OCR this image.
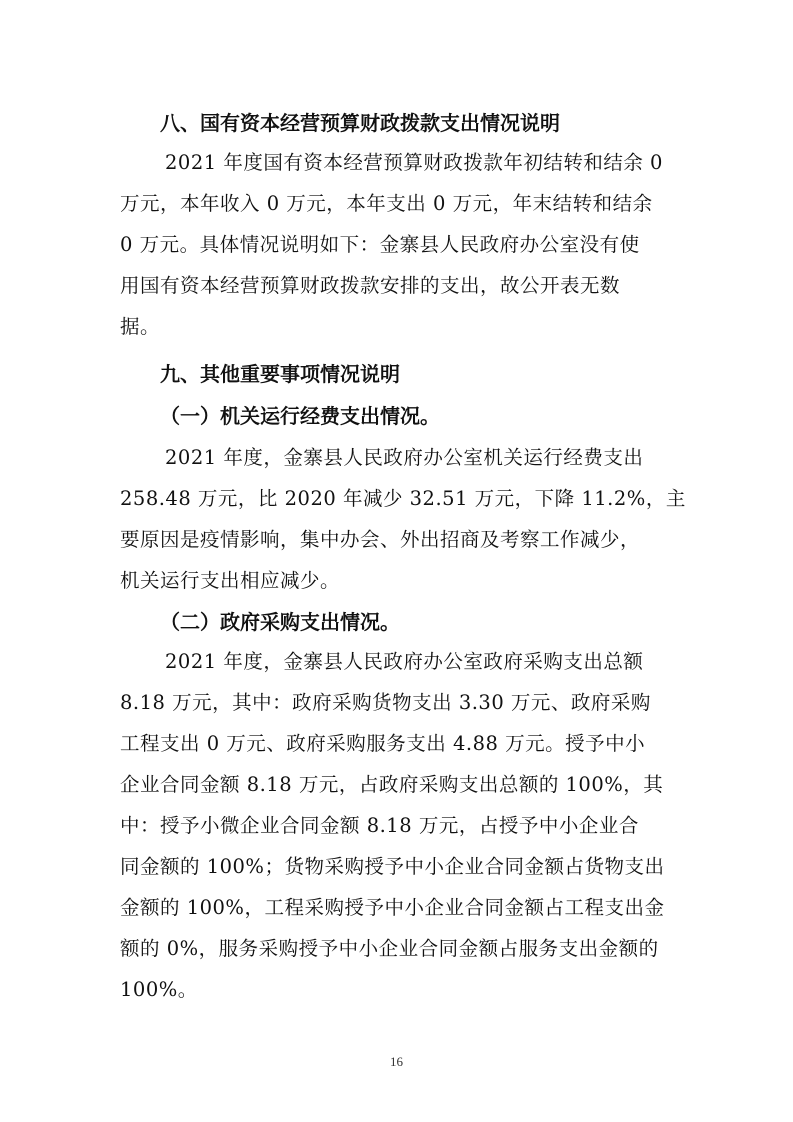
八、国有资本经营预算财政拨款支出情况说明
2021 年度国有资本经营预算财政拨款年初结转和结余 0
万元，本年收入 0 万元，本年支出 0 万元，年末结转和结余
0 万元。具体情况说明如下：金寨县人民政府办公室没有使
用国有资本经营预算财政拨款安排的支出，故公开表无数
据。
九、其他重要事项情况说明
（一）机关运行经费支出情况。
2021 年度，金寨县人民政府办公室机关运行经费支出
258.48 万元，比 2020 年减少 32.51 万元，下降 11.2%，主
要原因是疫情影响，集中办会、外出招商及考察工作减少，
机关运行支出相应减少。
（二）政府采购支出情况。
2021 年度，金寨县人民政府办公室政府采购支出总额
8.18 万元，其中：政府采购货物支出 3.30 万元、政府采购
工程支出 0 万元、政府采购服务支出 4.88 万元。授予中小
企业合同金额 8.18 万元，占政府采购支出总额的 100%，其
中：授予小微企业合同金额 8.18 万元，占授予中小企业合
同金额的 100%；货物采购授予中小企业合同金额占货物支出
金额的 100%，工程采购授予中小企业合同金额占工程支出金
额的 0%，服务采购授予中小企业合同金额占服务支出金额的
100%。
16
